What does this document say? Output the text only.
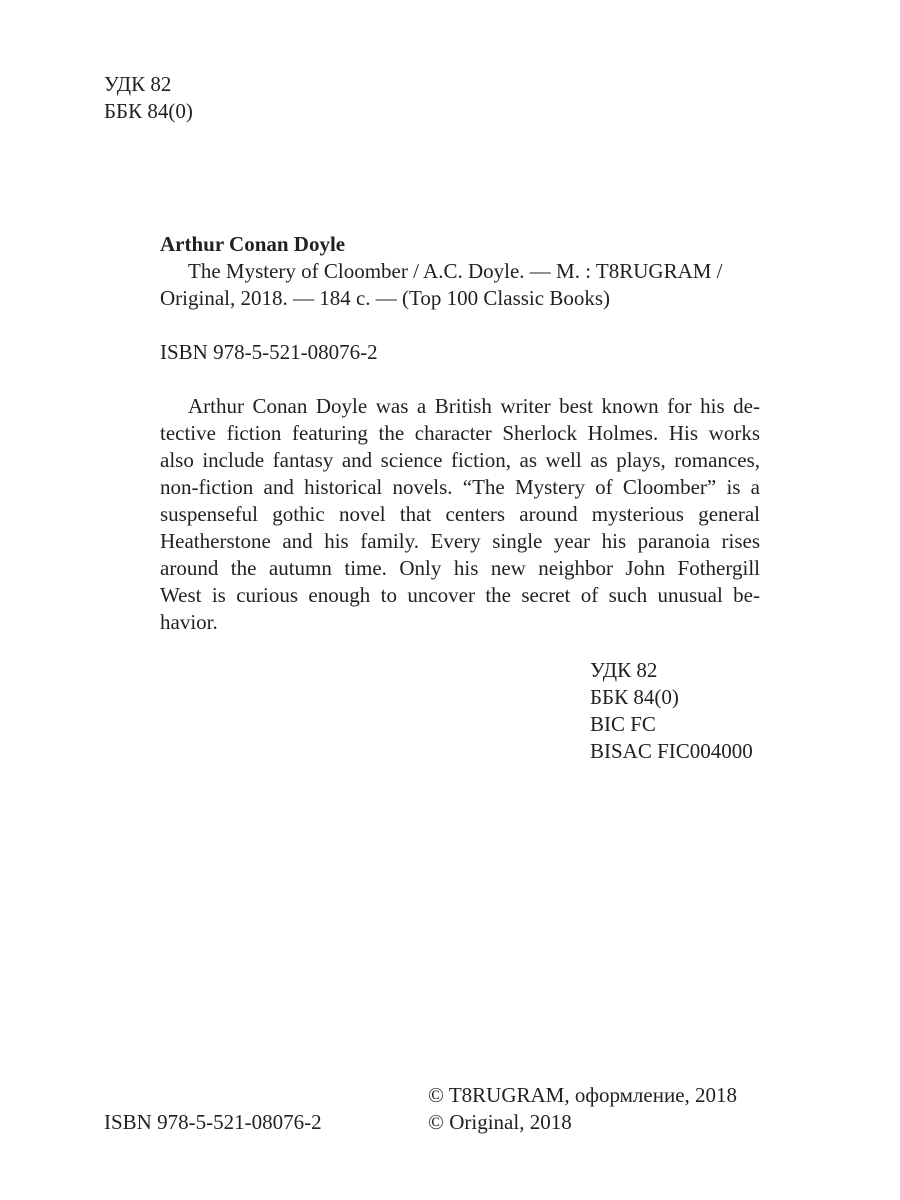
УДК 82
ББК 84(0)
Arthur Conan Doyle
The Mystery of Cloomber / A.C. Doyle. — M. : T8RUGRAM /
Original, 2018. — 184 c. — (Top 100 Classic Books)
ISBN 978-5-521-08076-2
Arthur Conan Doyle was a British writer best known for his de-
tective fiction featuring the character Sherlock Holmes. His works
also include fantasy and science fiction, as well as plays, romances,
non-fiction and historical novels. “The Mystery of Cloomber” is a
suspenseful gothic novel that centers around mysterious general
Heatherstone and his family. Every single year his paranoia rises
around the autumn time. Only his new neighbor John Fothergill
West is curious enough to uncover the secret of such unusual be-
havior.
УДК 82
ББК 84(0)
BIC FC
BISAC FIC004000
ISBN 978-5-521-08076-2
© T8RUGRAM, оформление, 2018
© Original, 2018
